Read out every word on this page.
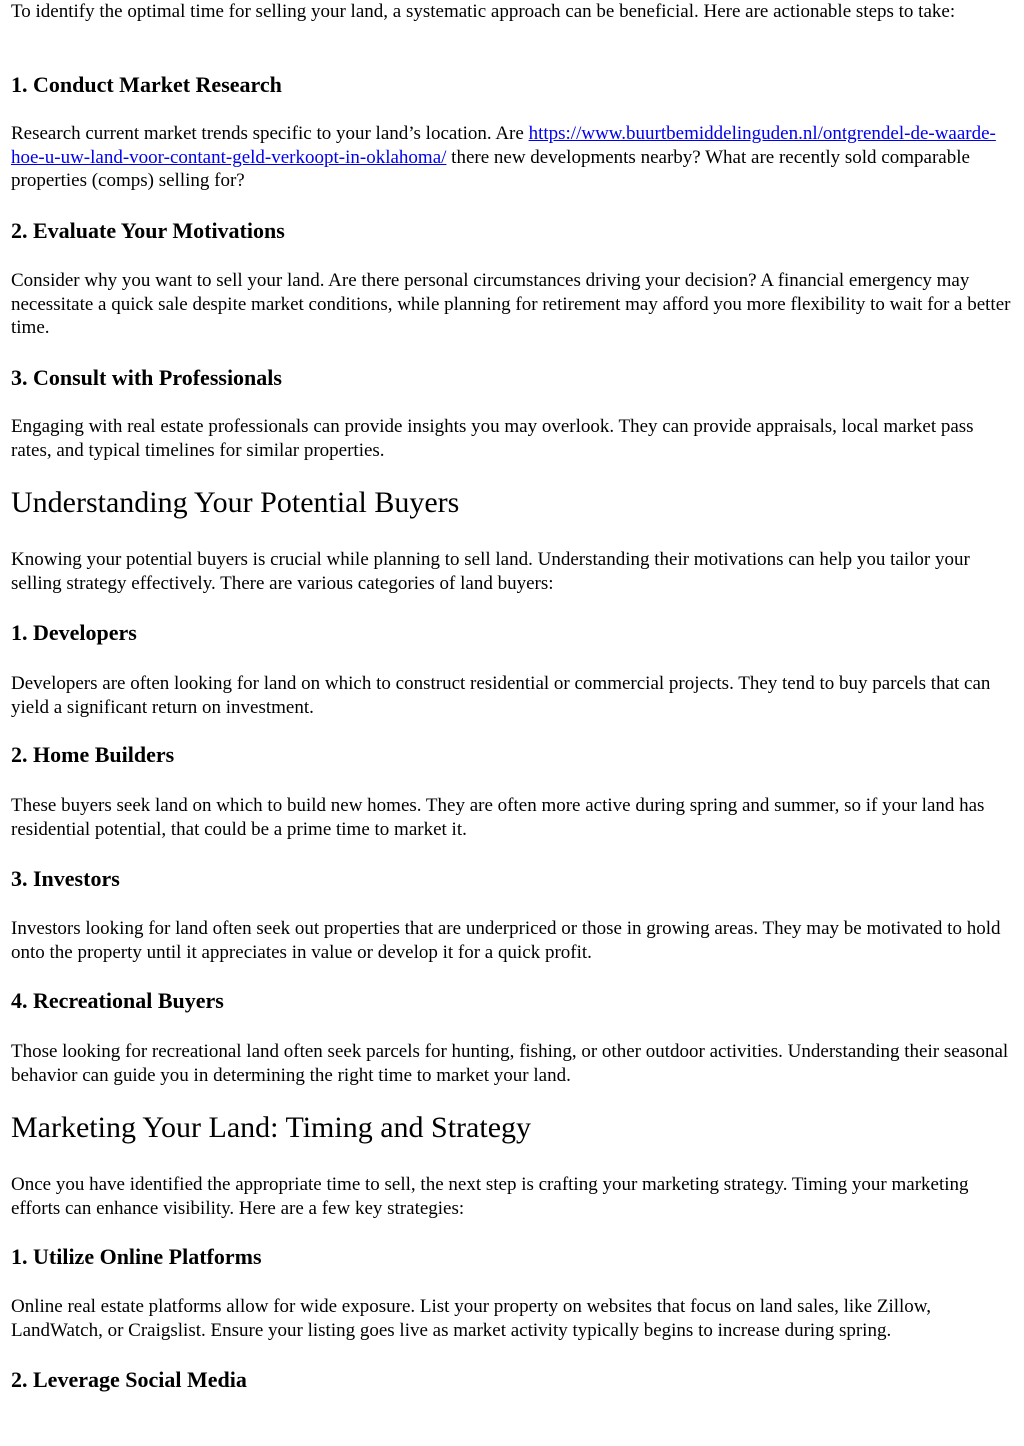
To identify the optimal time for selling your land, a systematic approach can be beneficial. Here are actionable steps to take:

1. Conduct Market Research

Research current market trends specific to your land’s location. Are https://www.buurtbemiddelinguden.nl/ontgrendel-de-waarde-hoe-u-uw-land-voor-contant-geld-verkoopt-in-oklahoma/ there new developments nearby? What are recently sold comparable properties (comps) selling for?

2. Evaluate Your Motivations

Consider why you want to sell your land. Are there personal circumstances driving your decision? A financial emergency may necessitate a quick sale despite market conditions, while planning for retirement may afford you more flexibility to wait for a better time.

3. Consult with Professionals

Engaging with real estate professionals can provide insights you may overlook. They can provide appraisals, local market pass rates, and typical timelines for similar properties.

Understanding Your Potential Buyers

Knowing your potential buyers is crucial while planning to sell land. Understanding their motivations can help you tailor your selling strategy effectively. There are various categories of land buyers:

1. Developers

Developers are often looking for land on which to construct residential or commercial projects. They tend to buy parcels that can yield a significant return on investment.

2. Home Builders

These buyers seek land on which to build new homes. They are often more active during spring and summer, so if your land has residential potential, that could be a prime time to market it.

3. Investors

Investors looking for land often seek out properties that are underpriced or those in growing areas. They may be motivated to hold onto the property until it appreciates in value or develop it for a quick profit.

4. Recreational Buyers

Those looking for recreational land often seek parcels for hunting, fishing, or other outdoor activities. Understanding their seasonal behavior can guide you in determining the right time to market your land.

Marketing Your Land: Timing and Strategy

Once you have identified the appropriate time to sell, the next step is crafting your marketing strategy. Timing your marketing efforts can enhance visibility. Here are a few key strategies:

1. Utilize Online Platforms

Online real estate platforms allow for wide exposure. List your property on websites that focus on land sales, like Zillow, LandWatch, or Craigslist. Ensure your listing goes live as market activity typically begins to increase during spring.

2. Leverage Social Media
